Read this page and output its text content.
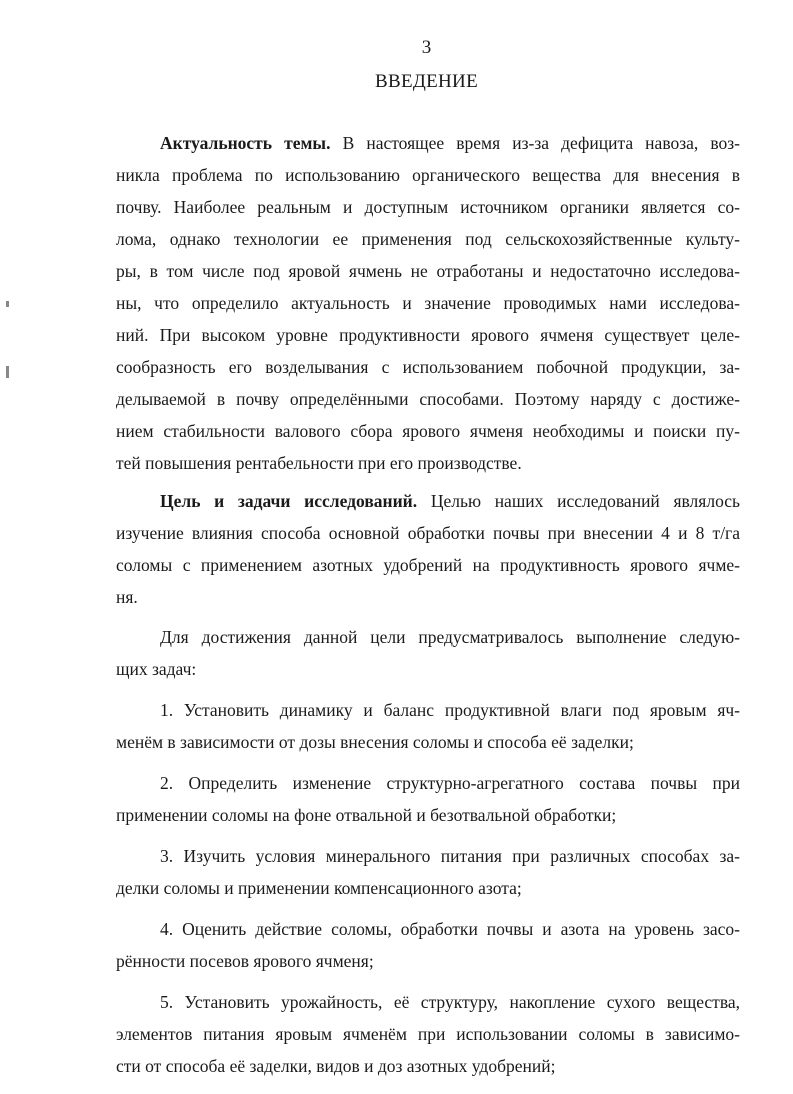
3
ВВЕДЕНИЕ

Актуальность темы. В настоящее время из-за дефицита навоза, воз-
никла проблема по использованию органического вещества для внесения в
почву. Наиболее реальным и доступным источником органики является со-
лома, однако технологии ее применения под сельскохозяйственные культу-
ры, в том числе под яровой ячмень не отработаны и недостаточно исследова-
ны, что определило актуальность и значение проводимых нами исследова-
ний. При высоком уровне продуктивности ярового ячменя существует целе-
сообразность его возделывания с использованием побочной продукции, за-
делываемой в почву определёнными способами. Поэтому наряду с достиже-
нием стабильности валового сбора ярового ячменя необходимы и поиски пу-
тей повышения рентабельности при его производстве.

Цель и задачи исследований. Целью наших исследований являлось
изучение влияния способа основной обработки почвы при внесении 4 и 8 т/га
соломы с применением азотных удобрений на продуктивность ярового ячме-
ня.

Для достижения данной цели предусматривалось выполнение следую-
щих задач:

1. Установить динамику и баланс продуктивной влаги под яровым яч-
менём в зависимости от дозы внесения соломы и способа её заделки;

2. Определить изменение структурно-агрегатного состава почвы при
применении соломы на фоне отвальной и безотвальной обработки;

3. Изучить условия минерального питания при различных способах за-
делки соломы и применении компенсационного азота;

4. Оценить действие соломы, обработки почвы и азота на уровень засо-
рённости посевов ярового ячменя;

5. Установить урожайность, её структуру, накопление сухого вещества,
элементов питания яровым ячменём при использовании соломы в зависимо-
сти от способа её заделки, видов и доз азотных удобрений;
